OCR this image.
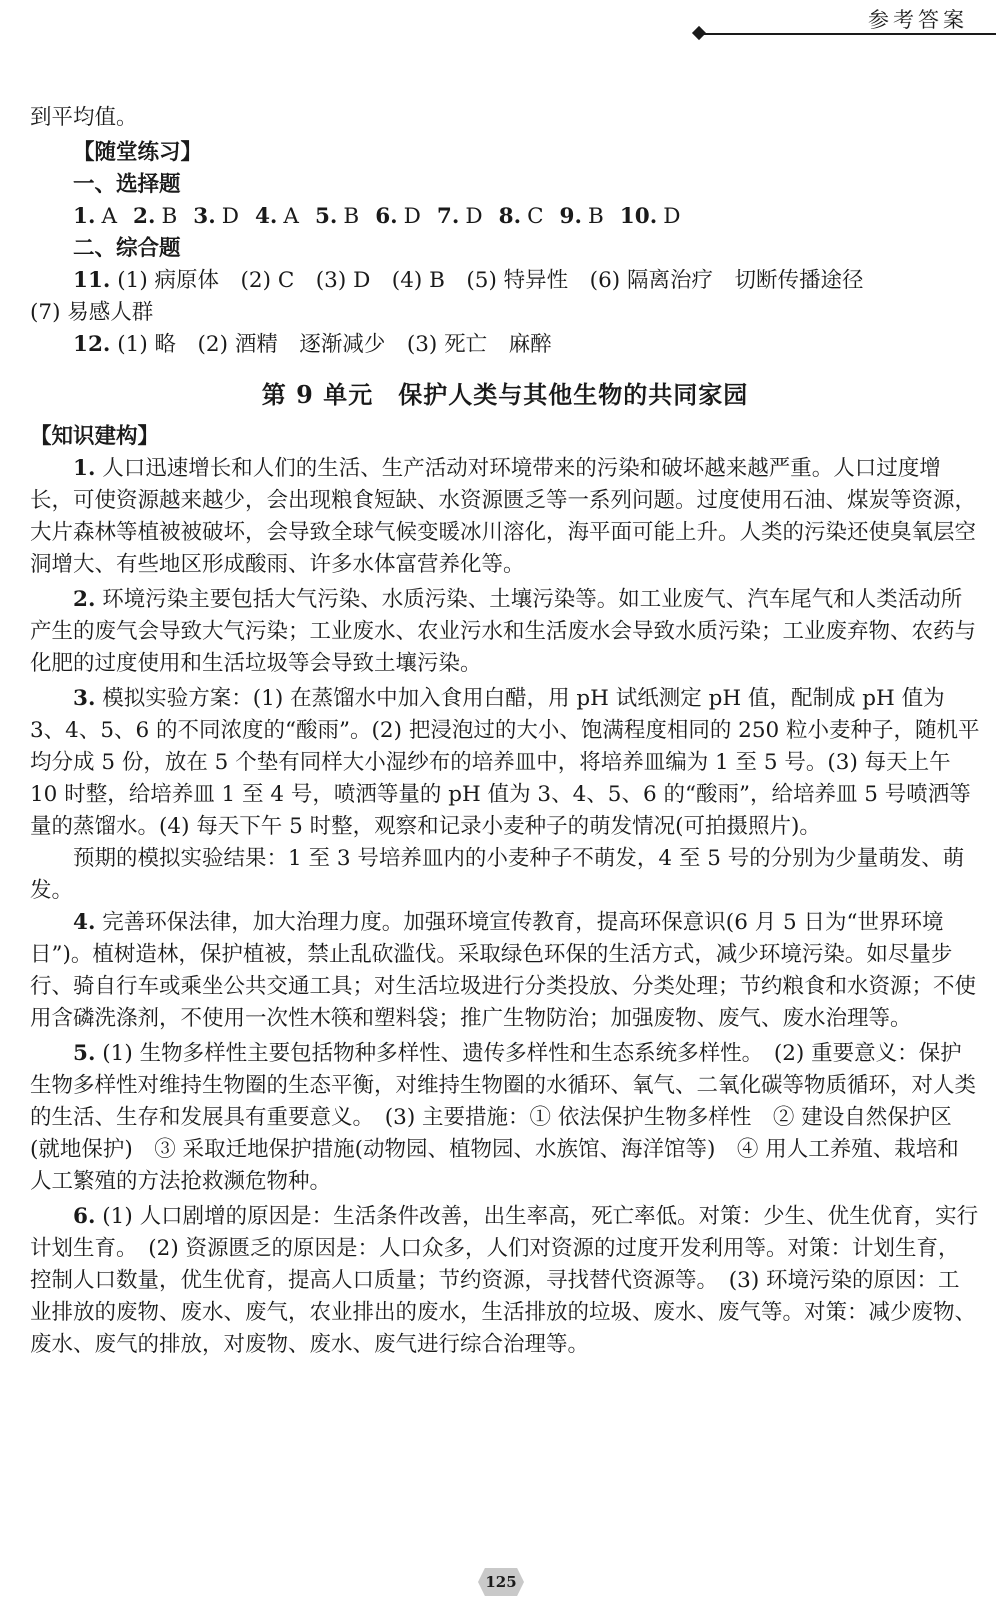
参考答案

到平均值。

【随堂练习】

一、选择题

1. A 2. B 3. D 4. A 5. B 6. D 7. D 8. C 9. B 10. D

二、综合题

11. (1) 病原体　(2) C　(3) D　(4) B　(5) 特异性　(6) 隔离治疗　切断传播途径

(7) 易感人群

12. (1) 略　(2) 酒精　逐渐减少　(3) 死亡　麻醉

第 9 单元　保护人类与其他生物的共同家园

【知识建构】

1. 人口迅速增长和人们的生活、生产活动对环境带来的污染和破坏越来越严重。人口过度增长，可使资源越来越少，会出现粮食短缺、水资源匮乏等一系列问题。过度使用石油、煤炭等资源，大片森林等植被被破坏，会导致全球气候变暖冰川溶化，海平面可能上升。人类的污染还使臭氧层空洞增大、有些地区形成酸雨、许多水体富营养化等。

2. 环境污染主要包括大气污染、水质污染、土壤污染等。如工业废气、汽车尾气和人类活动所产生的废气会导致大气污染；工业废水、农业污水和生活废水会导致水质污染；工业废弃物、农药与化肥的过度使用和生活垃圾等会导致土壤污染。

3. 模拟实验方案：(1) 在蒸馏水中加入食用白醋，用 pH 试纸测定 pH 值，配制成 pH 值为 3、4、5、6 的不同浓度的“酸雨”。(2) 把浸泡过的大小、饱满程度相同的 250 粒小麦种子，随机平均分成 5 份，放在 5 个垫有同样大小湿纱布的培养皿中，将培养皿编为 1 至 5 号。(3) 每天上午 10 时整，给培养皿 1 至 4 号，喷洒等量的 pH 值为 3、4、5、6 的“酸雨”，给培养皿 5 号喷洒等量的蒸馏水。(4) 每天下午 5 时整，观察和记录小麦种子的萌发情况(可拍摄照片)。

预期的模拟实验结果：1 至 3 号培养皿内的小麦种子不萌发，4 至 5 号的分别为少量萌发、萌发。

4. 完善环保法律，加大治理力度。加强环境宣传教育，提高环保意识(6 月 5 日为“世界环境日”)。植树造林，保护植被，禁止乱砍滥伐。采取绿色环保的生活方式，减少环境污染。如尽量步行、骑自行车或乘坐公共交通工具；对生活垃圾进行分类投放、分类处理；节约粮食和水资源；不使用含磷洗涤剂，不使用一次性木筷和塑料袋；推广生物防治；加强废物、废气、废水治理等。

5. (1) 生物多样性主要包括物种多样性、遗传多样性和生态系统多样性。　(2) 重要意义：保护生物多样性对维持生物圈的生态平衡，对维持生物圈的水循环、氧气、二氧化碳等物质循环，对人类的生活、生存和发展具有重要意义。　(3) 主要措施：① 依法保护生物多样性　② 建设自然保护区(就地保护)　③ 采取迁地保护措施(动物园、植物园、水族馆、海洋馆等)　④ 用人工养殖、栽培和人工繁殖的方法抢救濒危物种。

6. (1) 人口剧增的原因是：生活条件改善，出生率高，死亡率低。对策：少生、优生优育，实行计划生育。　(2) 资源匮乏的原因是：人口众多，人们对资源的过度开发利用等。对策：计划生育，控制人口数量，优生优育，提高人口质量；节约资源，寻找替代资源等。　(3) 环境污染的原因：工业排放的废物、废水、废气，农业排出的废水，生活排放的垃圾、废水、废气等。对策：减少废物、废水、废气的排放，对废物、废水、废气进行综合治理等。

125
